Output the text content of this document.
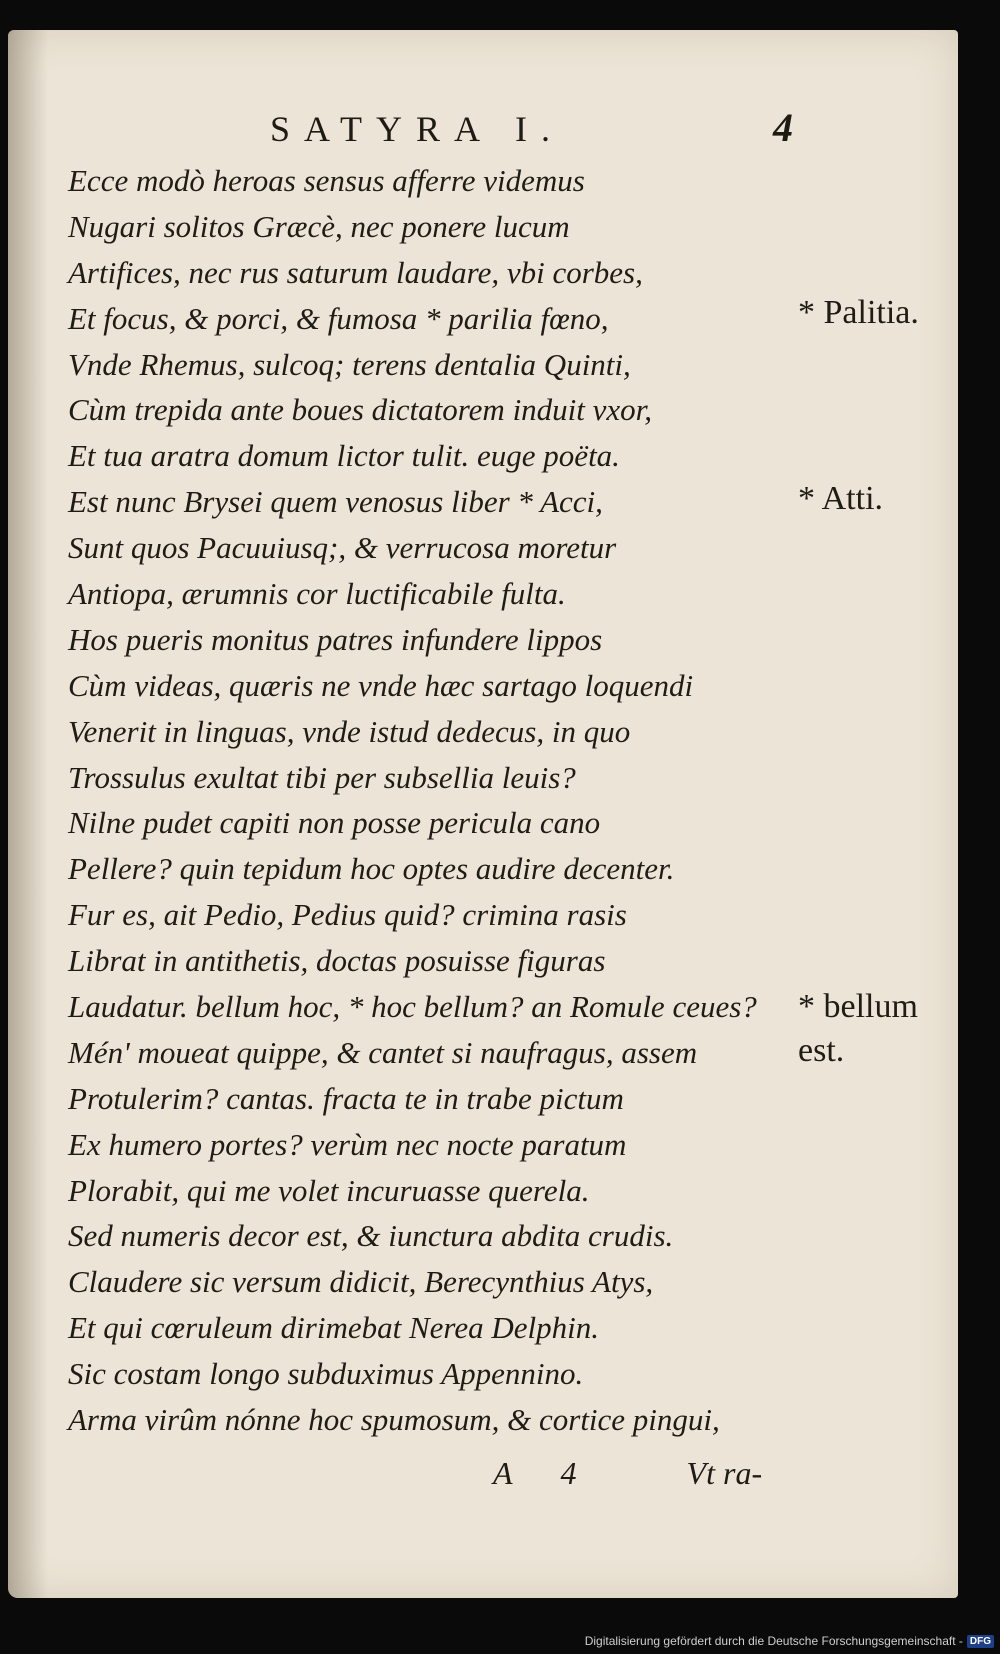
SATYRA I.	4
Ecce modò heroas sensus afferre videmus
Nugari solitos Græcè, nec ponere lucum
Artifices, nec rus saturum laudare, vbi corbes,
Et focus, & porci, & fumosa * parilia fœno,
Vnde Rhemus, sulcoq; terens dentalia Quinti,
Cùm trepida ante boues dictatorem induit vxor,
Et tua aratra domum lictor tulit. euge poëta.
Est nunc Brysei quem venosus liber * Acci,
Sunt quos Pacuuiusq;, & verrucosa moretur
Antiopa, ærumnis cor luctificabile fulta.
Hos pueris monitus patres infundere lippos
Cùm videas, quæris ne vnde hæc sartago loquendi
Venerit in linguas, vnde istud dedecus, in quo
Trossulus exultat tibi per subsellia leuis?
Nilne pudet capiti non posse pericula cano
Pellere? quin tepidum hoc optes audire decenter.
Fur es, ait Pedio, Pedius quid? crimina rasis
Librat in antithetis, doctas posuisse figuras
Laudatur. bellum hoc, * hoc bellum? an Romule ceues?
Mén' moueat quippe, & cantet si naufragus, assem
Protulerim? cantas. fracta te in trabe pictum
Ex humero portes? verùm nec nocte paratum
Plorabit, qui me volet incuruasse querela.
Sed numeris decor est, & iunctura abdita crudis.
Claudere sic versum didicit, Berecynthius Atys,
Et qui cœruleum dirimebat Nerea Delphin.
Sic costam longo subduximus Appennino.
Arma virûm nónne hoc spumosum, & cortice pingui,
* Palitia.
* Atti.
* bellum
est.
A 4	Vt ra-
Digitalisierung gefördert durch die Deutsche Forschungsgemeinschaft - DFG
